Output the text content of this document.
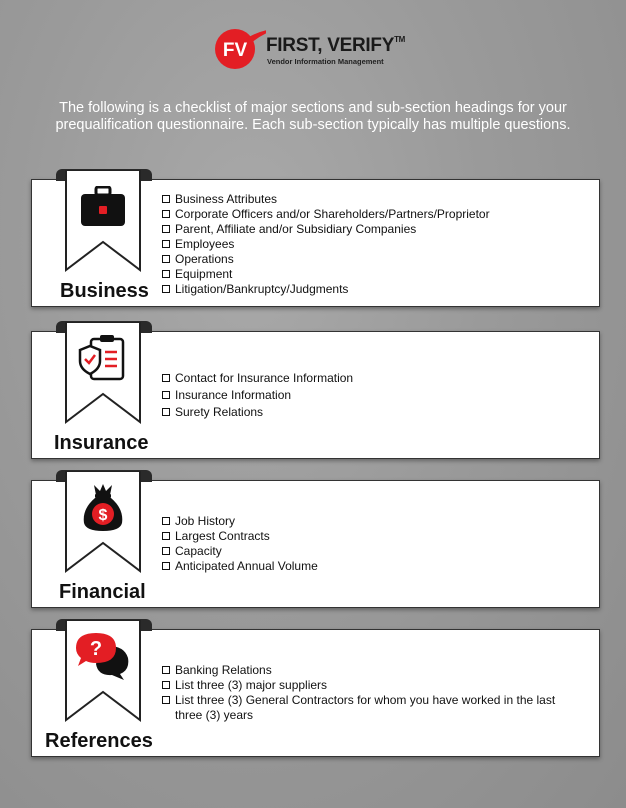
FV FIRST, VERIFY™
Vendor Information Management
The following is a checklist of major sections and sub-section headings for your prequalification questionnaire. Each sub-section typically has multiple questions.
Business
Business Attributes
Corporate Officers and/or Shareholders/Partners/Proprietor
Parent, Affiliate and/or Subsidiary Companies
Employees
Operations
Equipment
Litigation/Bankruptcy/Judgments
Insurance
Contact for Insurance Information
Insurance Information
Surety Relations
$
Financial
Job History
Largest Contracts
Capacity
Anticipated Annual Volume
?
References
Banking Relations
List three (3) major suppliers
List three (3) General Contractors for whom you have worked in the last three (3) years
